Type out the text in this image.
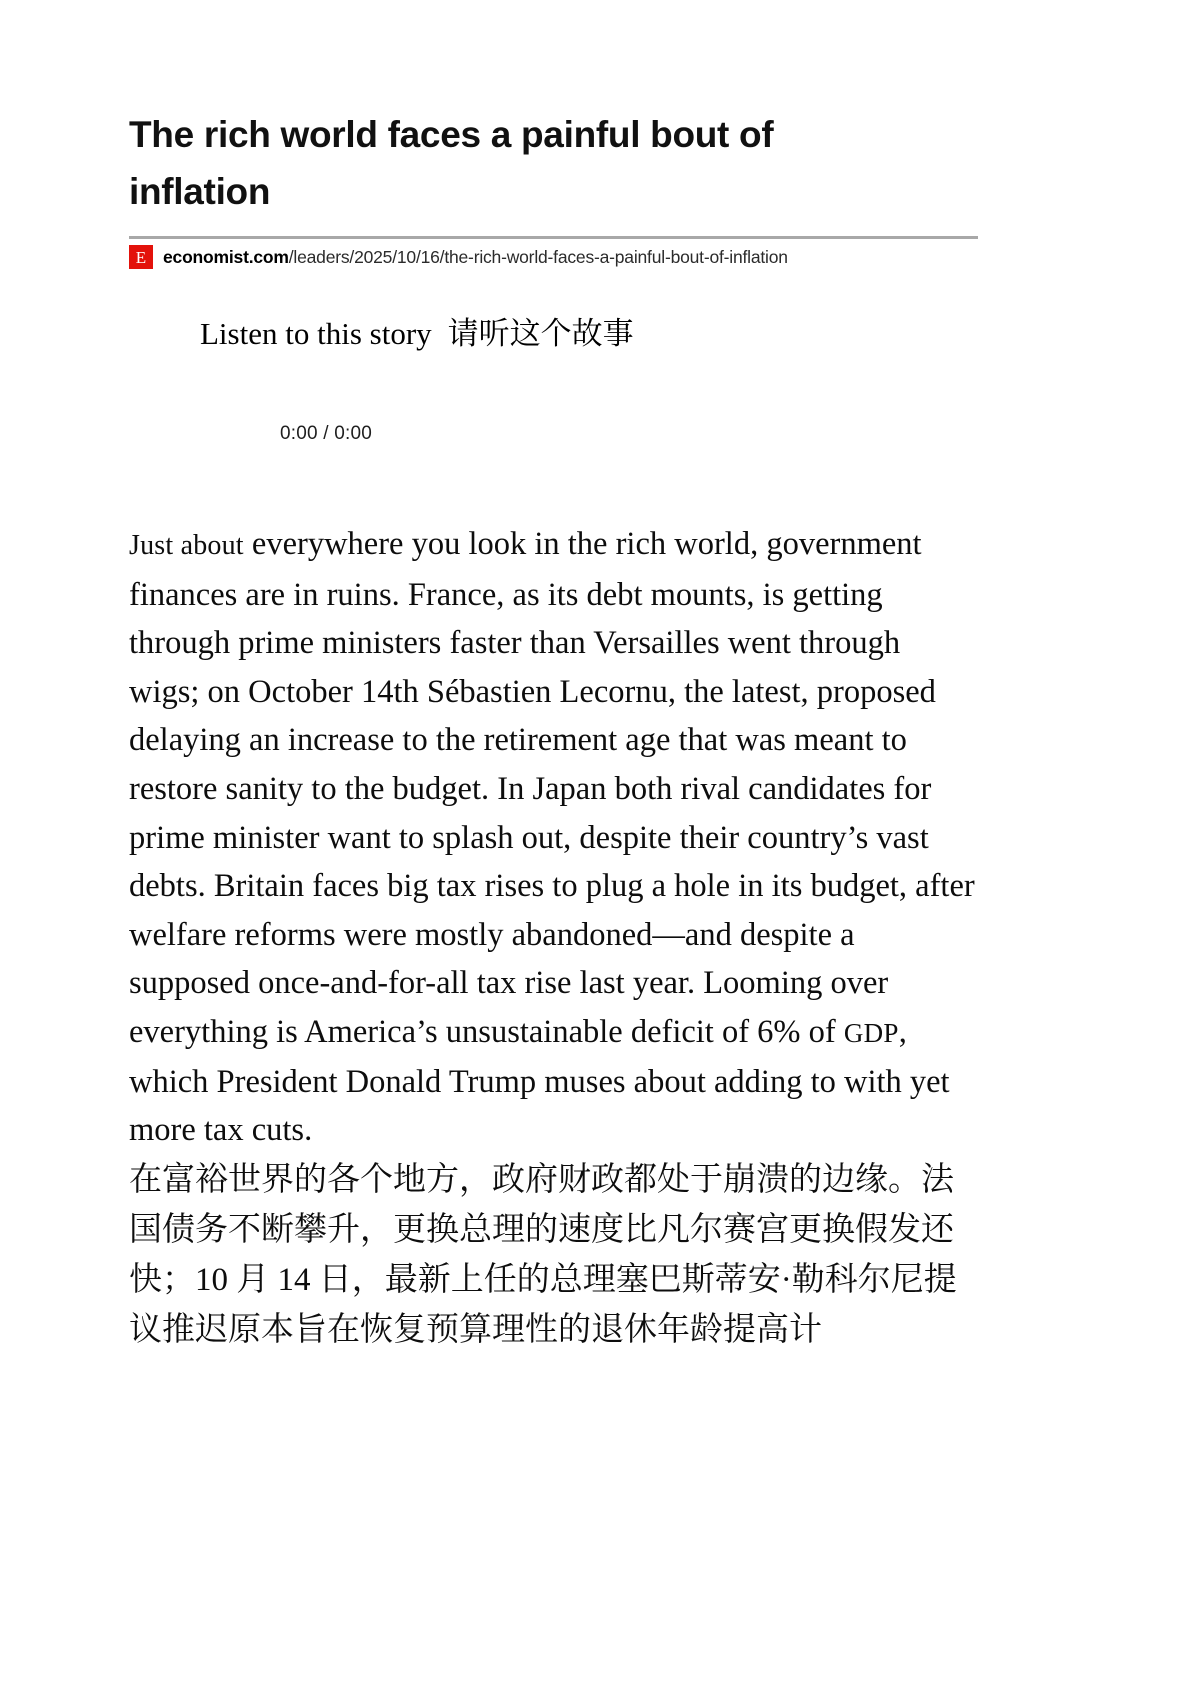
The rich world faces a painful bout of inflation
E economist.com/leaders/2025/10/16/the-rich-world-faces-a-painful-bout-of-inflation
Listen to this story 请听这个故事
0:00 / 0:00

Just about everywhere you look in the rich world, government finances are in ruins. France, as its debt mounts, is getting through prime ministers faster than Versailles went through wigs; on October 14th Sébastien Lecornu, the latest, proposed delaying an increase to the retirement age that was meant to restore sanity to the budget. In Japan both rival candidates for prime minister want to splash out, despite their country’s vast debts. Britain faces big tax rises to plug a hole in its budget, after welfare reforms were mostly abandoned—and despite a supposed once-and-for-all tax rise last year. Looming over everything is America’s unsustainable deficit of 6% of GDP, which President Donald Trump muses about adding to with yet more tax cuts.
在富裕世界的各个地方，政府财政都处于崩溃的边缘。法国债务不断攀升，更换总理的速度比凡尔赛宫更换假发还快；10 月 14 日，最新上任的总理塞巴斯蒂安·勒科尔尼提议推迟原本旨在恢复预算理性的退休年龄提高计
